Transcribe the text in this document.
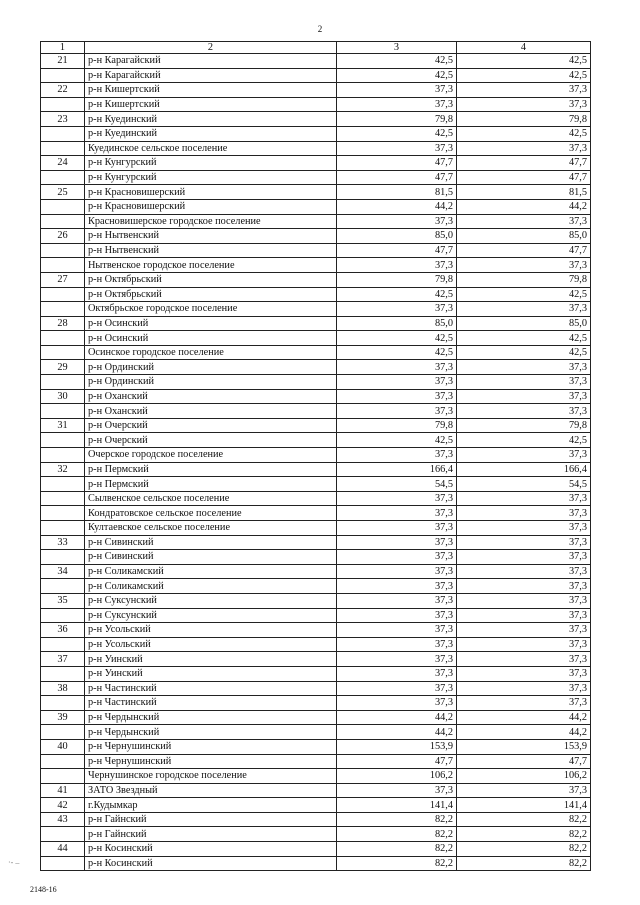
2
1	2	3	4
21	р-н Карагайский	42,5	42,5
	р-н Карагайский	42,5	42,5
22	р-н Кишертский	37,3	37,3
	р-н Кишертский	37,3	37,3
23	р-н Куединский	79,8	79,8
	р-н Куединский	42,5	42,5
	Куединское сельское поселение	37,3	37,3
24	р-н Кунгурский	47,7	47,7
	р-н Кунгурский	47,7	47,7
25	р-н Красновишерский	81,5	81,5
	р-н Красновишерский	44,2	44,2
	Красновишерское городское поселение	37,3	37,3
26	р-н Нытвенский	85,0	85,0
	р-н Нытвенский	47,7	47,7
	Нытвенское городское поселение	37,3	37,3
27	р-н Октябрьский	79,8	79,8
	р-н Октябрьский	42,5	42,5
	Октябрьское городское поселение	37,3	37,3
28	р-н Осинский	85,0	85,0
	р-н Осинский	42,5	42,5
	Осинское городское поселение	42,5	42,5
29	р-н Ординский	37,3	37,3
	р-н Ординский	37,3	37,3
30	р-н Оханский	37,3	37,3
	р-н Оханский	37,3	37,3
31	р-н Очерский	79,8	79,8
	р-н Очерский	42,5	42,5
	Очерское городское поселение	37,3	37,3
32	р-н Пермский	166,4	166,4
	р-н Пермский	54,5	54,5
	Сылвенское сельское поселение	37,3	37,3
	Кондратовское сельское поселение	37,3	37,3
	Култаевское сельское поселение	37,3	37,3
33	р-н Сивинский	37,3	37,3
	р-н Сивинский	37,3	37,3
34	р-н Соликамский	37,3	37,3
	р-н Соликамский	37,3	37,3
35	р-н Суксунский	37,3	37,3
	р-н Суксунский	37,3	37,3
36	р-н Усольский	37,3	37,3
	р-н Усольский	37,3	37,3
37	р-н Уинский	37,3	37,3
	р-н Уинский	37,3	37,3
38	р-н Частинский	37,3	37,3
	р-н Частинский	37,3	37,3
39	р-н Чердынский	44,2	44,2
	р-н Чердынский	44,2	44,2
40	р-н Чернушинский	153,9	153,9
	р-н Чернушинский	47,7	47,7
	Чернушинское городское поселение	106,2	106,2
41	ЗАТО Звездный	37,3	37,3
42	г.Кудымкар	141,4	141,4
43	р-н Гайнский	82,2	82,2
	р-н Гайнский	82,2	82,2
44	р-н Косинский	82,2	82,2
	р-н Косинский	82,2	82,2
·- –
2148-16
